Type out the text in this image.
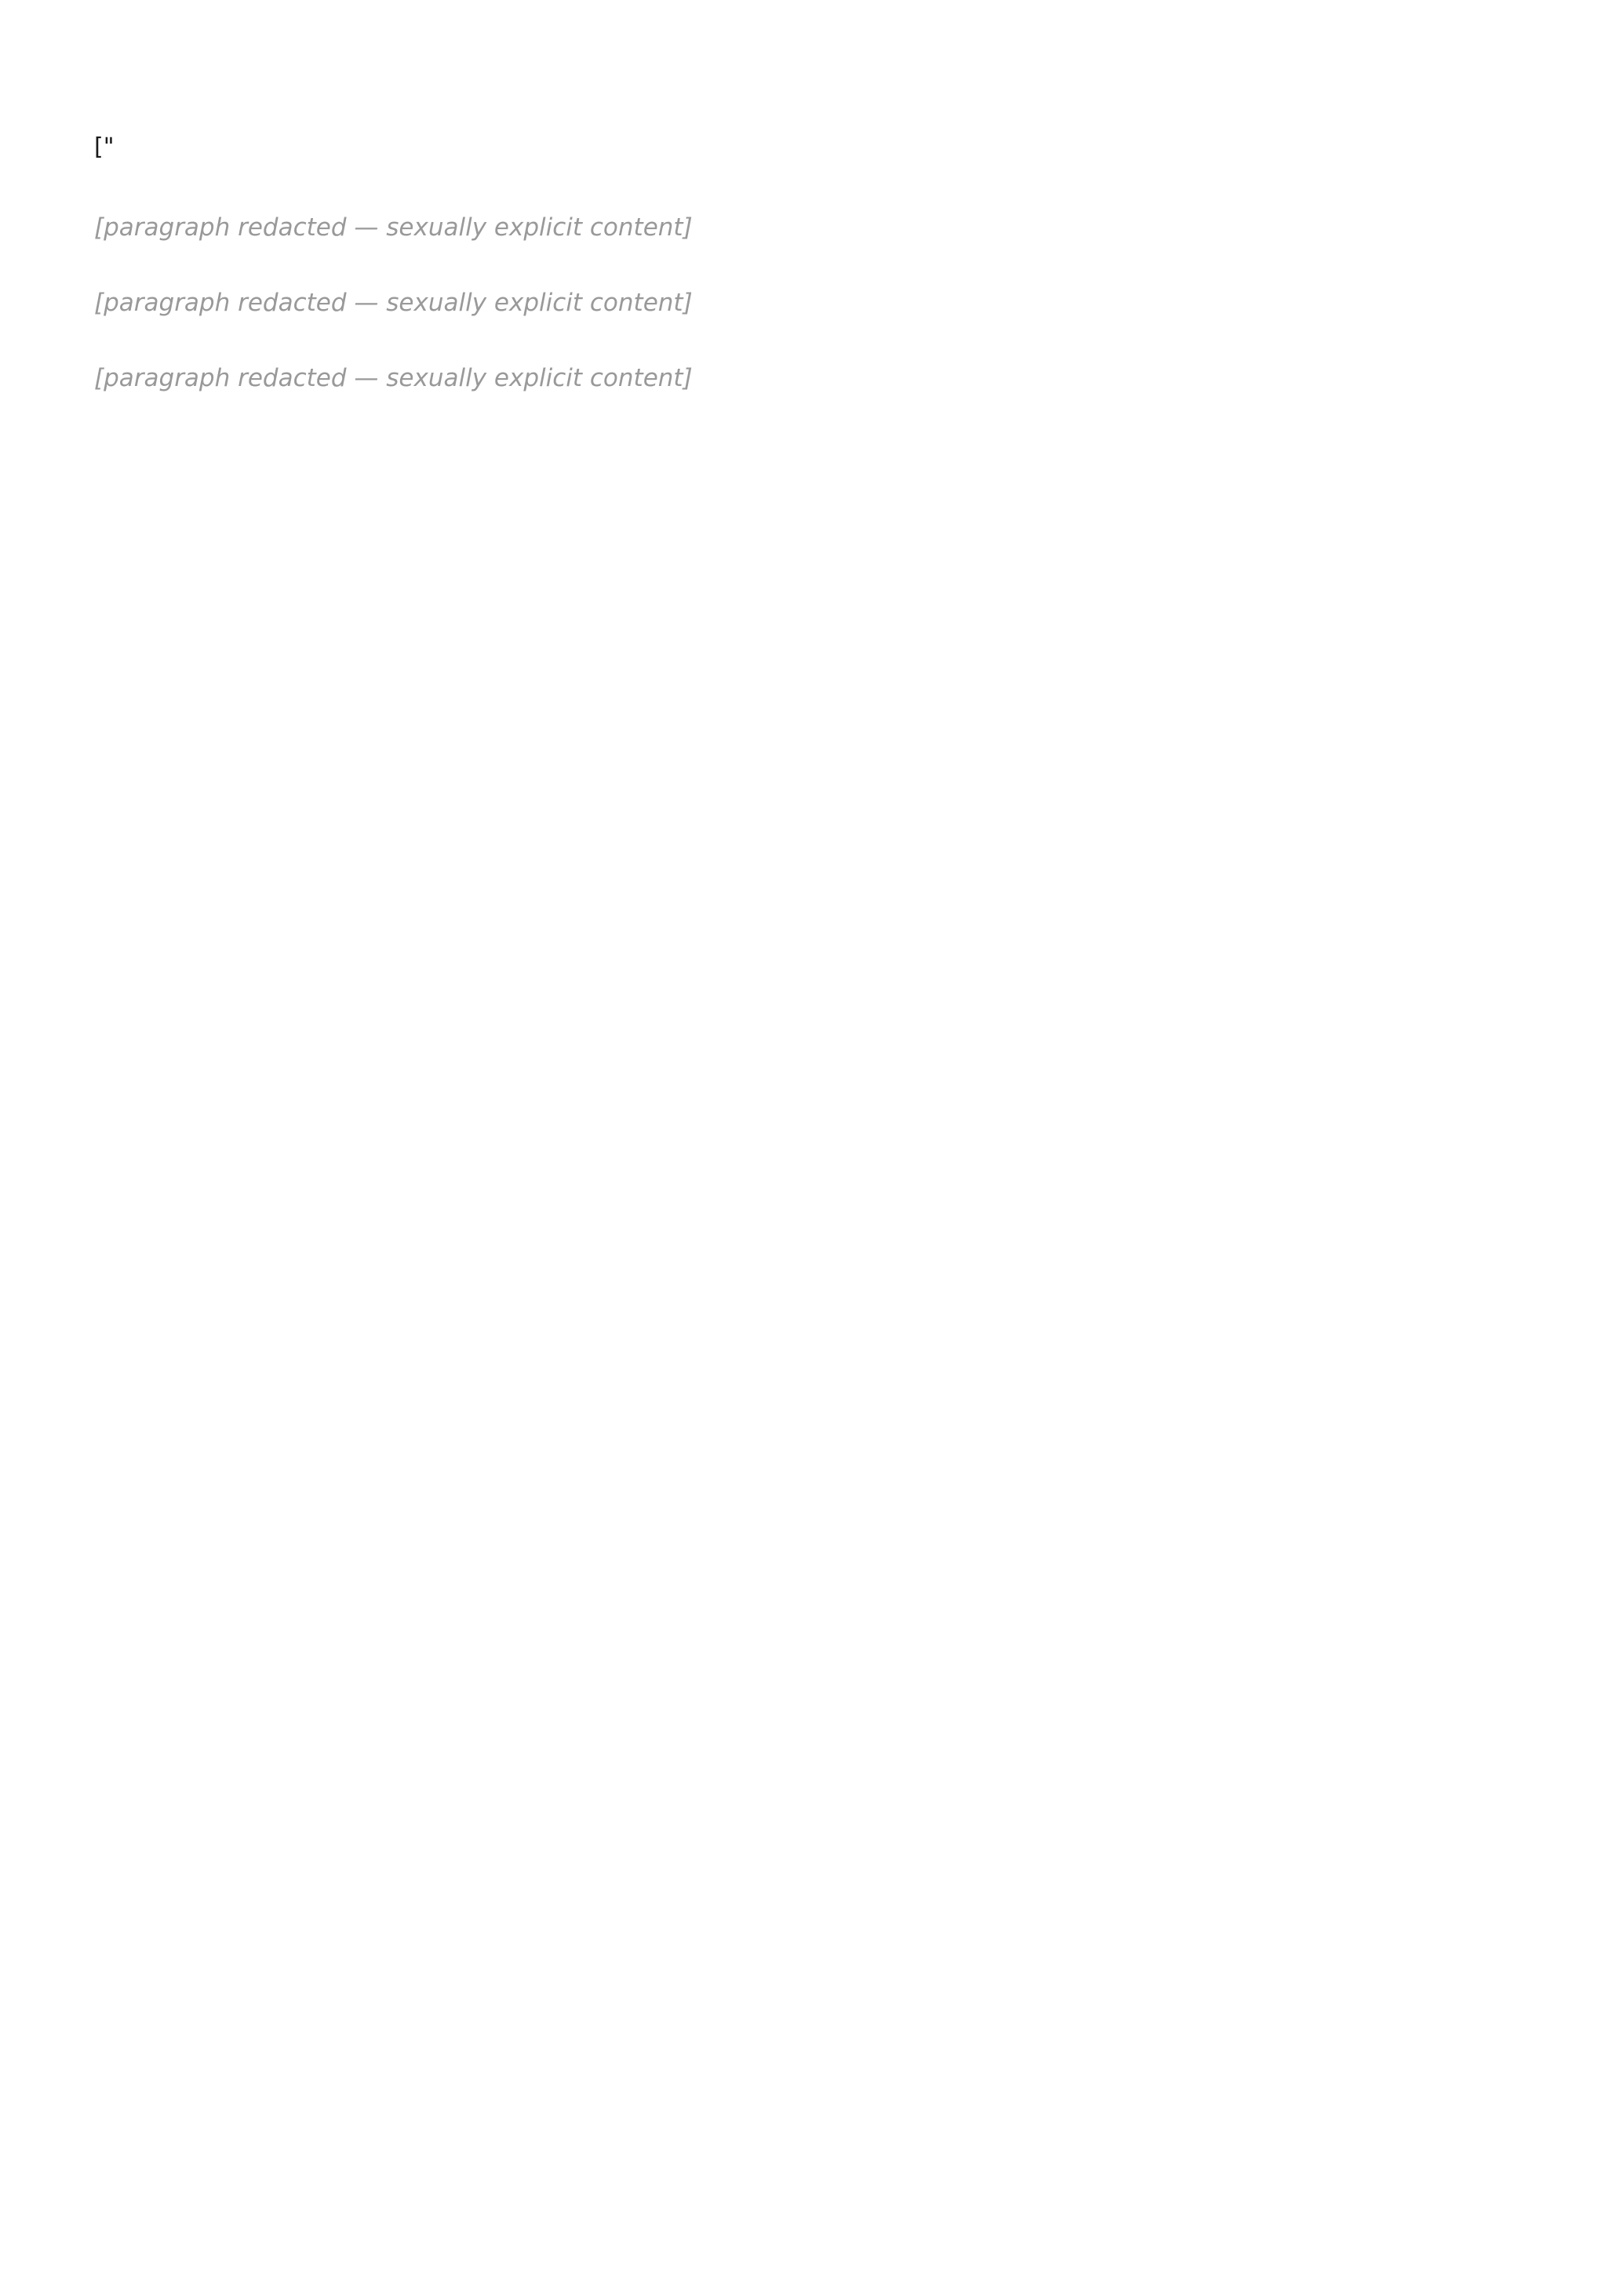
["
[paragraph redacted — sexually explicit content]
[paragraph redacted — sexually explicit content]
[paragraph redacted — sexually explicit content]
